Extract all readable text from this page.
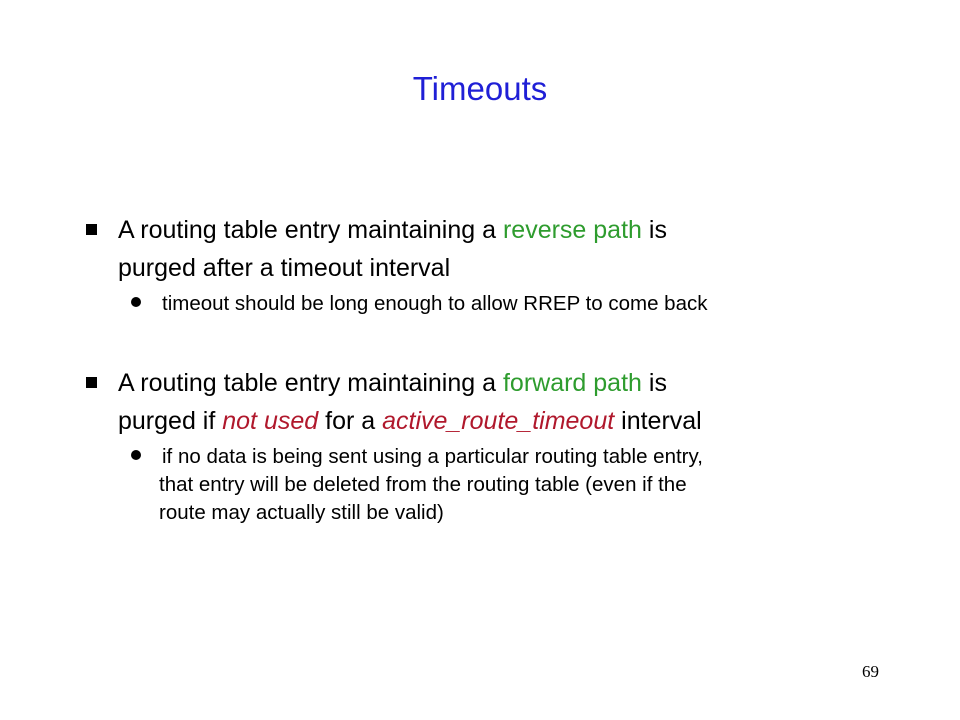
Timeouts
A routing table entry maintaining a reverse path is
purged after a timeout interval
timeout should be long enough to allow RREP to come back
A routing table entry maintaining a forward path is
purged if not used for a active_route_timeout interval
if no data is being sent using a particular routing table entry,
that entry will be deleted from the routing table (even if the
route may actually still be valid)
69
